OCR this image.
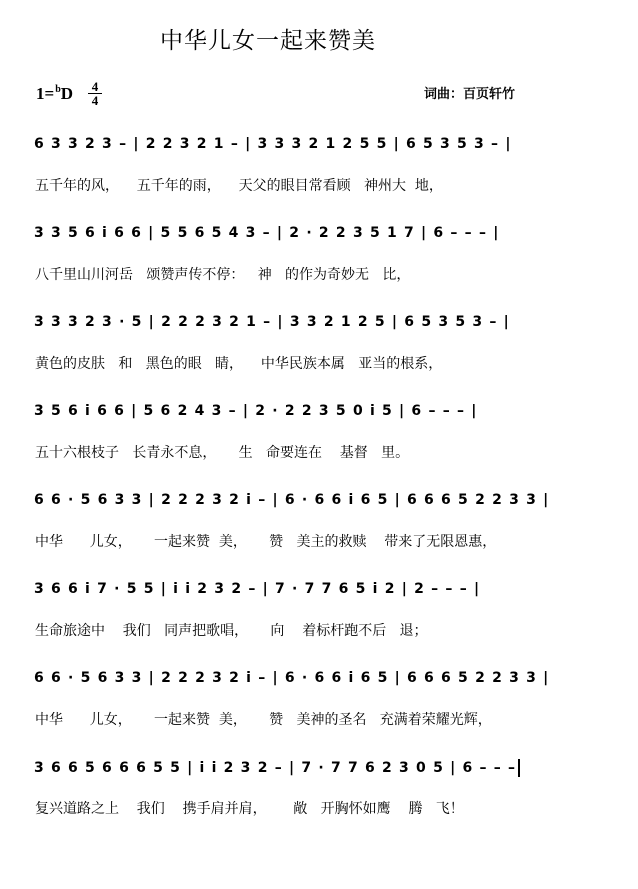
中华儿女一起来赞美
1=$^b$D 4
4	词曲：百页轩竹
6 3 3 2 3 – | 2 2 3 2 1 – | 3 3 3 2 1 2 5 5 | 6 5 3 5 3 – |
五千年的风，    五千年的雨，    天父的眼目常看顾   神州大  地，
3 3 5 6 i 6 6 | 5 5 6 5 4 3 – | 2 · 2 2 3 5 1 7 | 6 – – – |
八千里山川河岳   颂赞声传不停：   神   的作为奇妙无   比，
3 3 3 2 3 · 5 | 2 2 2 3 2 1 – | 3 3 2 1 2 5 | 6 5 3 5 3 – |
黄色的皮肤   和   黑色的眼   睛，    中华民族本属   亚当的根系，
3 5 6 i 6 6 | 5 6 2 4 3 – | 2 · 2 2 3 5 0 i 5 | 6 – – – |
五十六根枝子   长青永不息，     生   命要连在    基督   里。
6 6 · 5 6 3 3 | 2 2 2 3 2 i – | 6 · 6 6 i 6 5 | 6 6 6 5 2 2 3 3 |
中华      儿女，     一起来赞  美，     赞   美主的救赎    带来了无限恩惠，
3 6 6 i 7 · 5 5 | i i 2 3 2 – | 7 · 7 7 6 5 i 2 | 2 – – – |
生命旅途中    我们   同声把歌唱，     向    着标杆跑不后   退；
6 6 · 5 6 3 3 | 2 2 2 3 2 i – | 6 · 6 6 i 6 5 | 6 6 6 5 2 2 3 3 |
中华      儿女，     一起来赞  美，     赞   美神的圣名   充满着荣耀光辉，
3 6 6 5 6 6 6 5 5 | i i 2 3 2 – | 7 · 7 7 6 2 3 0 5 | 6 – – –
复兴道路之上    我们    携手肩并肩，      敞   开胸怀如鹰    腾   飞！
